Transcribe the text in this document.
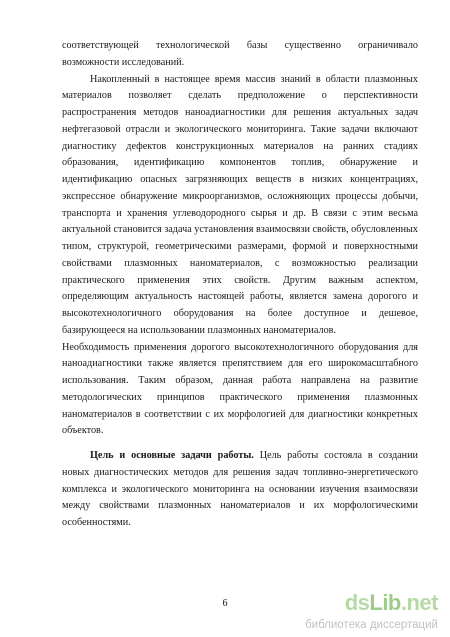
соответствующей технологической базы существенно ограничивало возможности исследований.

Накопленный в настоящее время массив знаний в области плазмонных материалов позволяет сделать предположение о перспективности распространения методов наноадиагностики для решения актуальных задач нефтегазовой отрасли и экологического мониторинга. Такие задачи включают диагностику дефектов конструкционных материалов на ранних стадиях образования, идентификацию компонентов топлив, обнаружение и идентификацию опасных загрязняющих веществ в низких концентрациях, экспрессное обнаружение микроорганизмов, осложняющих процессы добычи, транспорта и хранения углеводородного сырья и др. В связи с этим весьма актуальной становится задача установления взаимосвязи свойств, обусловленных типом, структурой, геометрическими размерами, формой и поверхностными свойствами плазмонных наноматериалов, с возможностью реализации практического применения этих свойств. Другим важным аспектом, определяющим актуальность настоящей работы, является замена дорогого и высокотехнологичного оборудования на более доступное и дешевое, базирующееся на использовании плазмонных наноматериалов.

Необходимость применения дорогого высокотехнологичного оборудования для наноадиагностики также является препятствием для его широкомасштабного использования. Таким образом, данная работа направлена на развитие методологических принципов практического применения плазмонных наноматериалов в соответствии с их морфологией для диагностики конкретных объектов.

Цель и основные задачи работы. Цель работы состояла в создании новых диагностических методов для решения задач топливно-энергетического комплекса и экологического мониторинга на основании изучения взаимосвязи между свойствами плазмонных наноматериалов и их морфологическими особенностями.

6	dsLib.net
библиотека диссертаций
